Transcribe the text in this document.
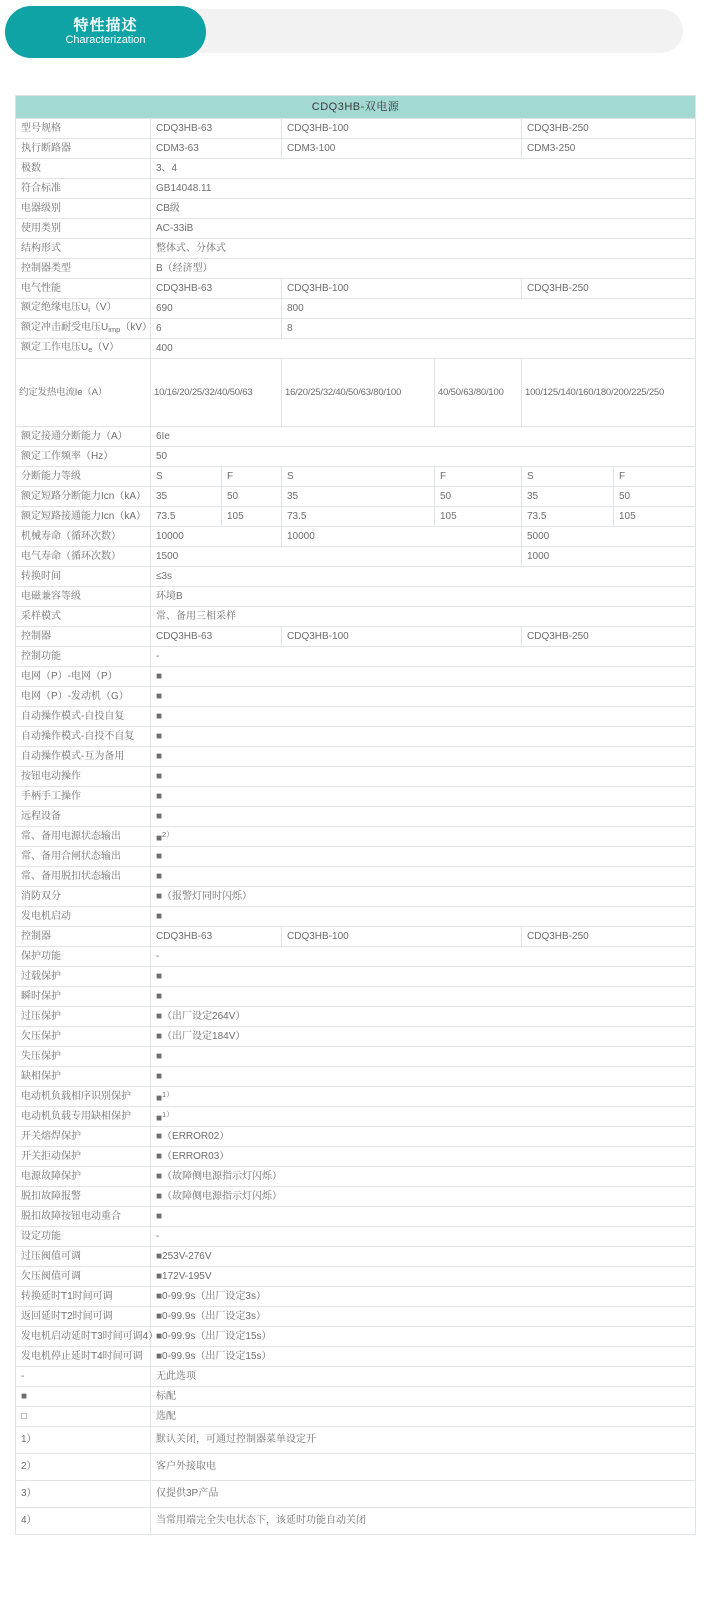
特性描述
Characterization
CDQ3HB-双电源						
型号规格	CDQ3HB-63		CDQ3HB-100		CDQ3HB-250	
执行断路器	CDM3-63		CDM3-100		CDM3-250	
极数	3、4					
符合标准	GB14048.11					
电器级别	CB级					
使用类别	AC-33iB					
结构形式	整体式、分体式					
控制器类型	B（经济型）					
电气性能	CDQ3HB-63		CDQ3HB-100		CDQ3HB-250	
额定绝缘电压$U_i(V)$	690		800			
额定冲击耐受电压$U_{imp}(kV)$	6		8			
额定工作电压$U_e(V)$	400					
约定发热电流Ie（A）	10/16/20/25/32/40/50/63		16/20/25/32/40/50/63/80/100	40/50/63/80/100	100/125/140/160/180/200/225/250	
额定接通分断能力（A）	6Ie					
额定工作频率（Hz）	50					
分断能力等级	S	F	S	F	S	F
额定短路分断能力Icn（kA）	35	50	35	50	35	50
额定短路接通能力Icn（kA）	73.5	105	73.5	105	73.5	105
机械寿命（循环次数）	10000		10000		5000	
电气寿命（循环次数）	1500				1000	
转换时间	≤3s					
电磁兼容等级	环境B					
采样模式	常、备用三相采样					
控制器	CDQ3HB-63		CDQ3HB-100		CDQ3HB-250	
控制功能	-					
电网（P）-电网（P）	■					
电网（P）-发动机（G）	■					
自动操作模式-自投自复	■					
自动操作模式-自投不自复	■					
自动操作模式-互为备用	■					
按钮电动操作	■					
手柄手工操作	■					
远程设备	■					
常、备用电源状态输出	■$^{2)}$
常、备用合闸状态输出	■					
常、备用脱扣状态输出	■					
消防双分	■（报警灯同时闪烁）					
发电机启动	■					
控制器	CDQ3HB-63		CDQ3HB-100		CDQ3HB-250	
保护功能	-					
过载保护	■					
瞬时保护	■					
过压保护	■（出厂设定264V）					
欠压保护	■（出厂设定184V）					
失压保护	■					
缺相保护	■					
电动机负载相序识别保护	■$^{1)}$
电动机负载专用缺相保护	■$^{1)}$
开关熔焊保护	■（ERROR02）					
开关拒动保护	■（ERROR03）					
电源故障保护	■（故障侧电源指示灯闪烁）					
脱扣故障报警	■（故障侧电源指示灯闪烁）					
脱扣故障按钮电动重合	■					
设定功能	-					
过压阀值可调	■253V-276V					
欠压阀值可调	■172V-195V					
转换延时T1时间可调	■0-99.9s（出厂设定3s）					
返回延时T2时间可调	■0-99.9s（出厂设定3s）					
发电机启动延时T3时间可调4）	■0-99.9s（出厂设定15s）					
发电机停止延时T4时间可调	■0-99.9s（出厂设定15s）					
-	无此选项					
■	标配					
□	选配					
1）	默认关闭，可通过控制器菜单设定开					
2）	客户外接取电					
3）	仅提供3P产品					
4）	当常用端完全失电状态下，该延时功能自动关闭					
